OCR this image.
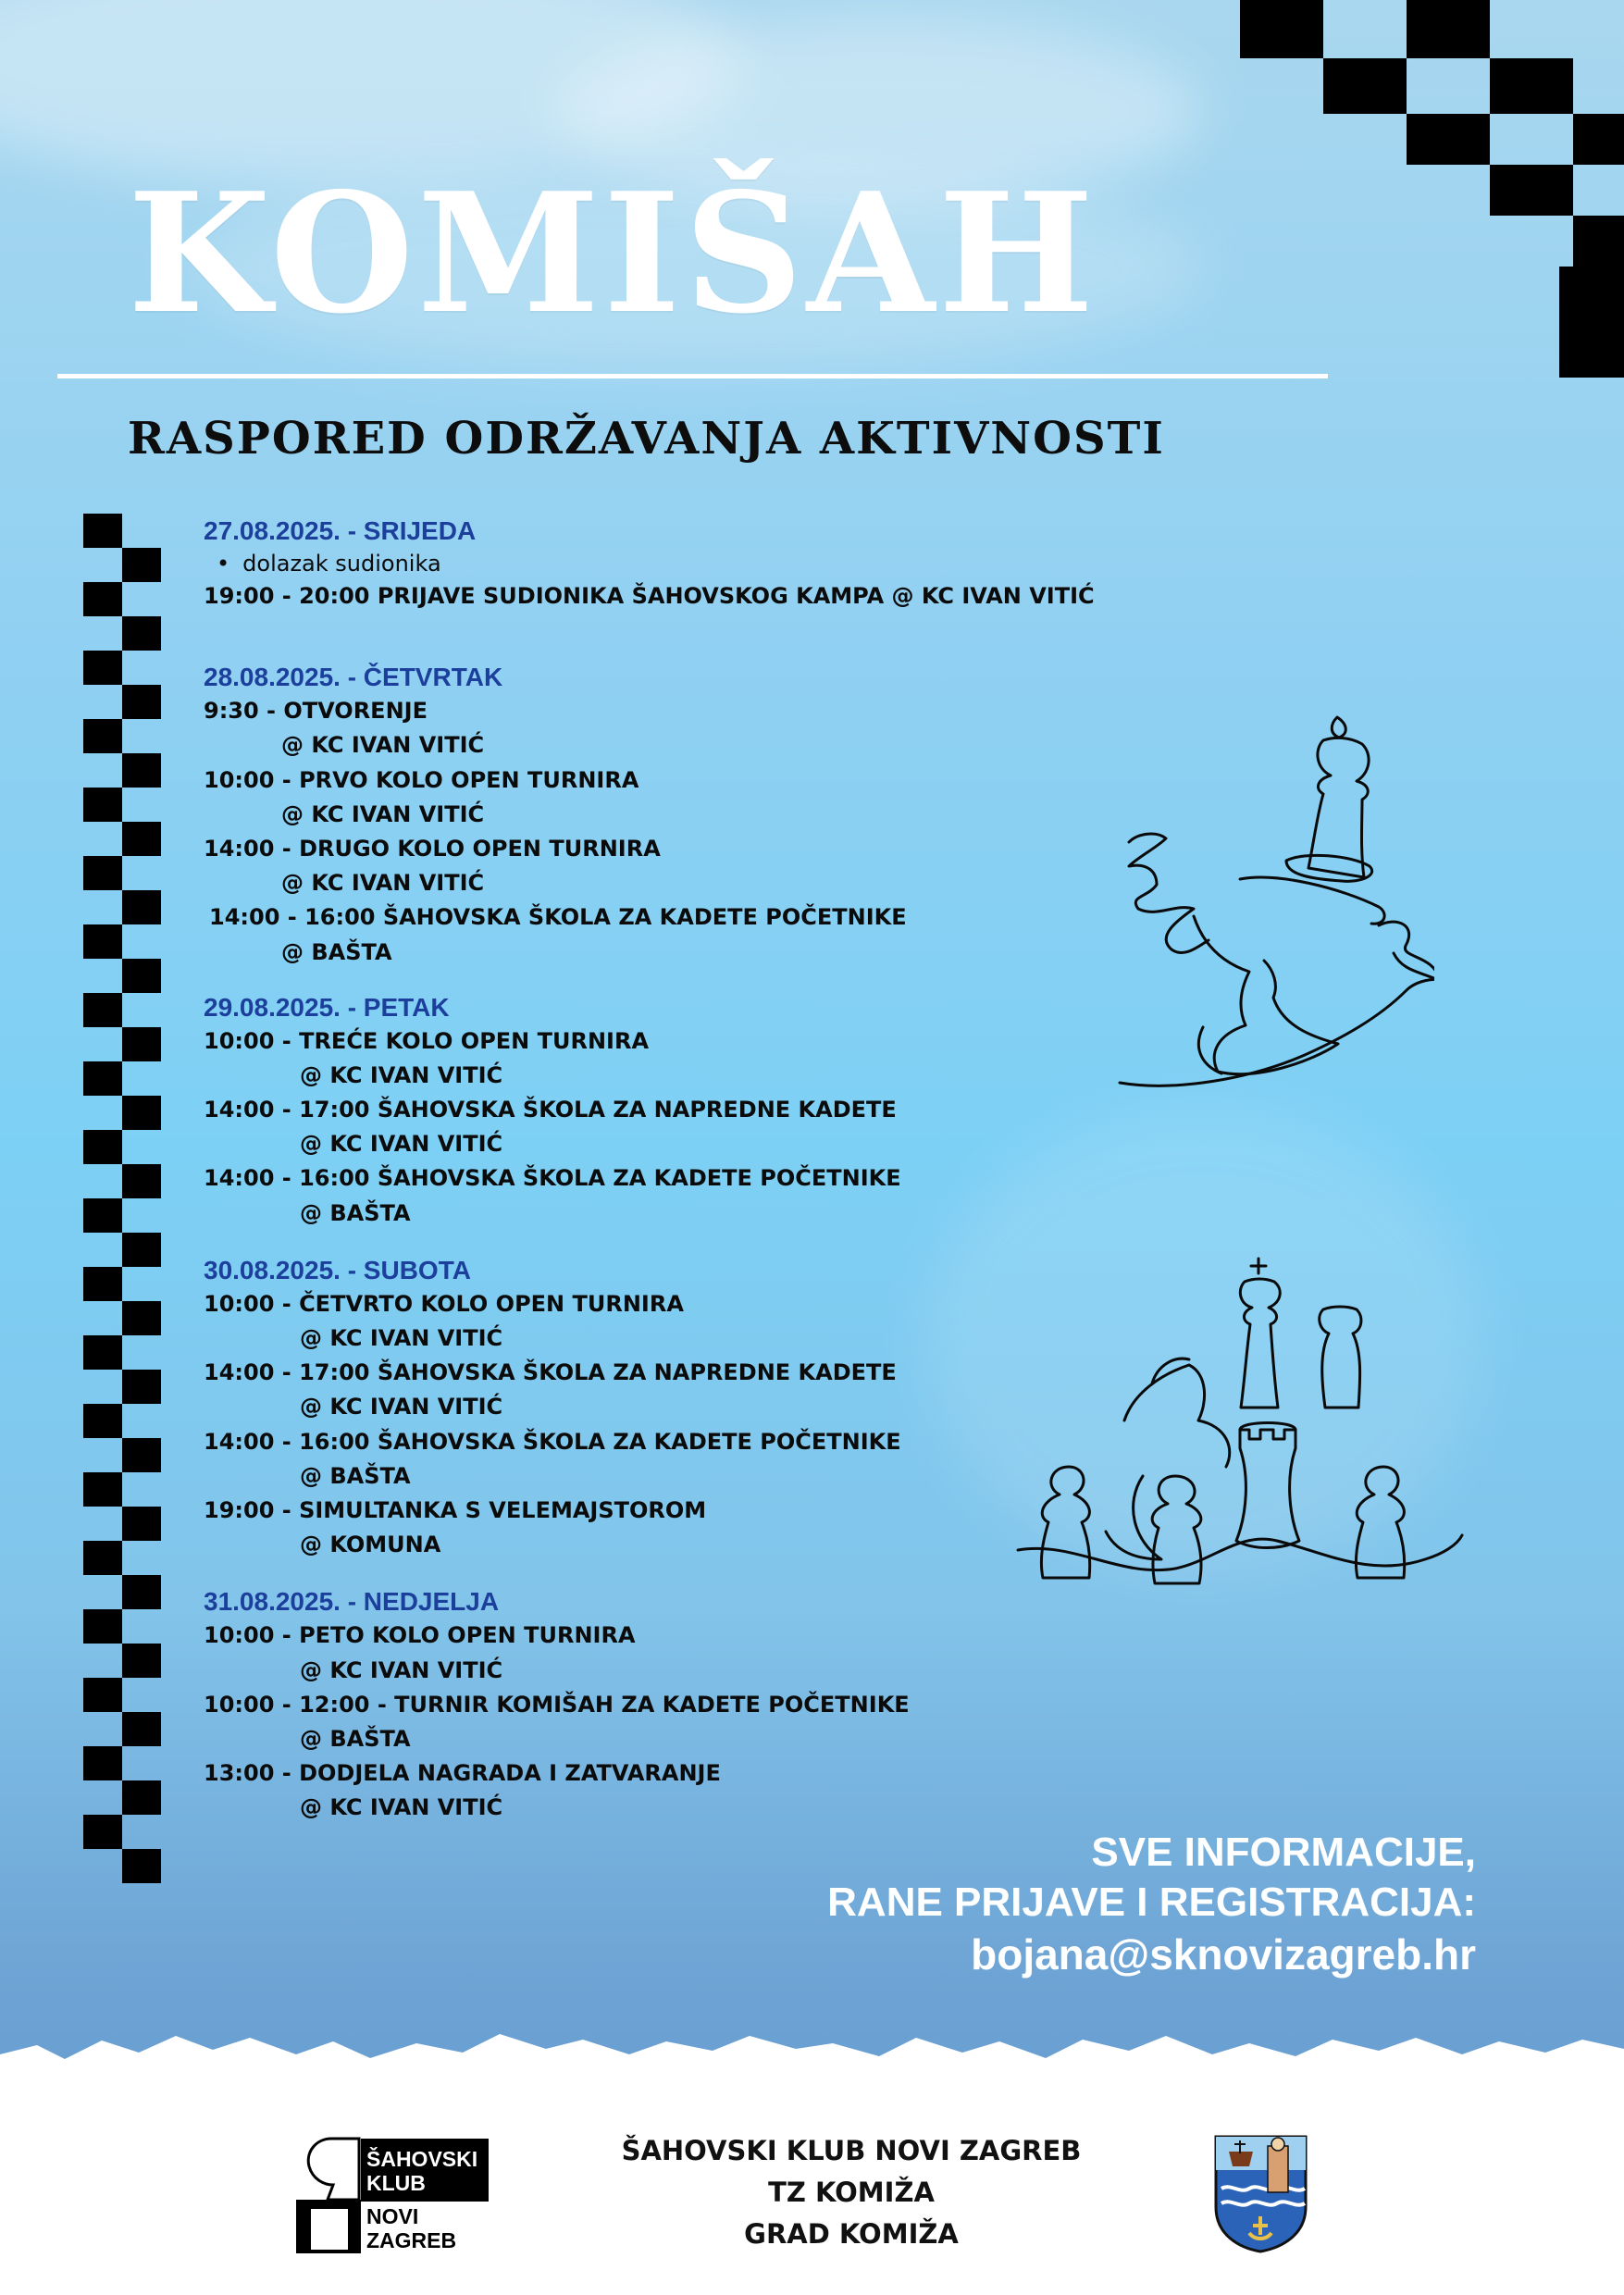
KOMIŠAH
RASPORED ODRŽAVANJA AKTIVNOSTI
27.08.2025. - SRIJEDA
• dolazak sudionika
19:00 - 20:00 PRIJAVE SUDIONIKA ŠAHOVSKOG KAMPA @ KC IVAN VITIĆ
28.08.2025. - ČETVRTAK
9:30 - OTVORENJE
@ KC IVAN VITIĆ
10:00 - PRVO KOLO OPEN TURNIRA
@ KC IVAN VITIĆ
14:00 - DRUGO KOLO OPEN TURNIRA
@ KC IVAN VITIĆ
14:00 - 16:00 ŠAHOVSKA ŠKOLA ZA KADETE POČETNIKE
@ BAŠTA
29.08.2025. - PETAK
10:00 - TREĆE KOLO OPEN TURNIRA
@ KC IVAN VITIĆ
14:00 - 17:00 ŠAHOVSKA ŠKOLA ZA NAPREDNE KADETE
@ KC IVAN VITIĆ
14:00 - 16:00 ŠAHOVSKA ŠKOLA ZA KADETE POČETNIKE
@ BAŠTA
30.08.2025. - SUBOTA
10:00 - ČETVRTO KOLO OPEN TURNIRA
@ KC IVAN VITIĆ
14:00 - 17:00 ŠAHOVSKA ŠKOLA ZA NAPREDNE KADETE
@ KC IVAN VITIĆ
14:00 - 16:00 ŠAHOVSKA ŠKOLA ZA KADETE POČETNIKE
@ BAŠTA
19:00 - SIMULTANKA S VELEMAJSTOROM
@ KOMUNA
31.08.2025. - NEDJELJA
10:00 - PETO KOLO OPEN TURNIRA
@ KC IVAN VITIĆ
10:00 - 12:00 - TURNIR KOMIŠAH ZA KADETE POČETNIKE
@ BAŠTA
13:00 - DODJELA NAGRADA I ZATVARANJE
@ KC IVAN VITIĆ
SVE INFORMACIJE,
RANE PRIJAVE I REGISTRACIJA:
bojana@sknovizagreb.hr
ŠAHOVSKI
KLUB
NOVI
ZAGREB
ŠAHOVSKI KLUB NOVI ZAGREB
TZ KOMIŽA
GRAD KOMIŽA
